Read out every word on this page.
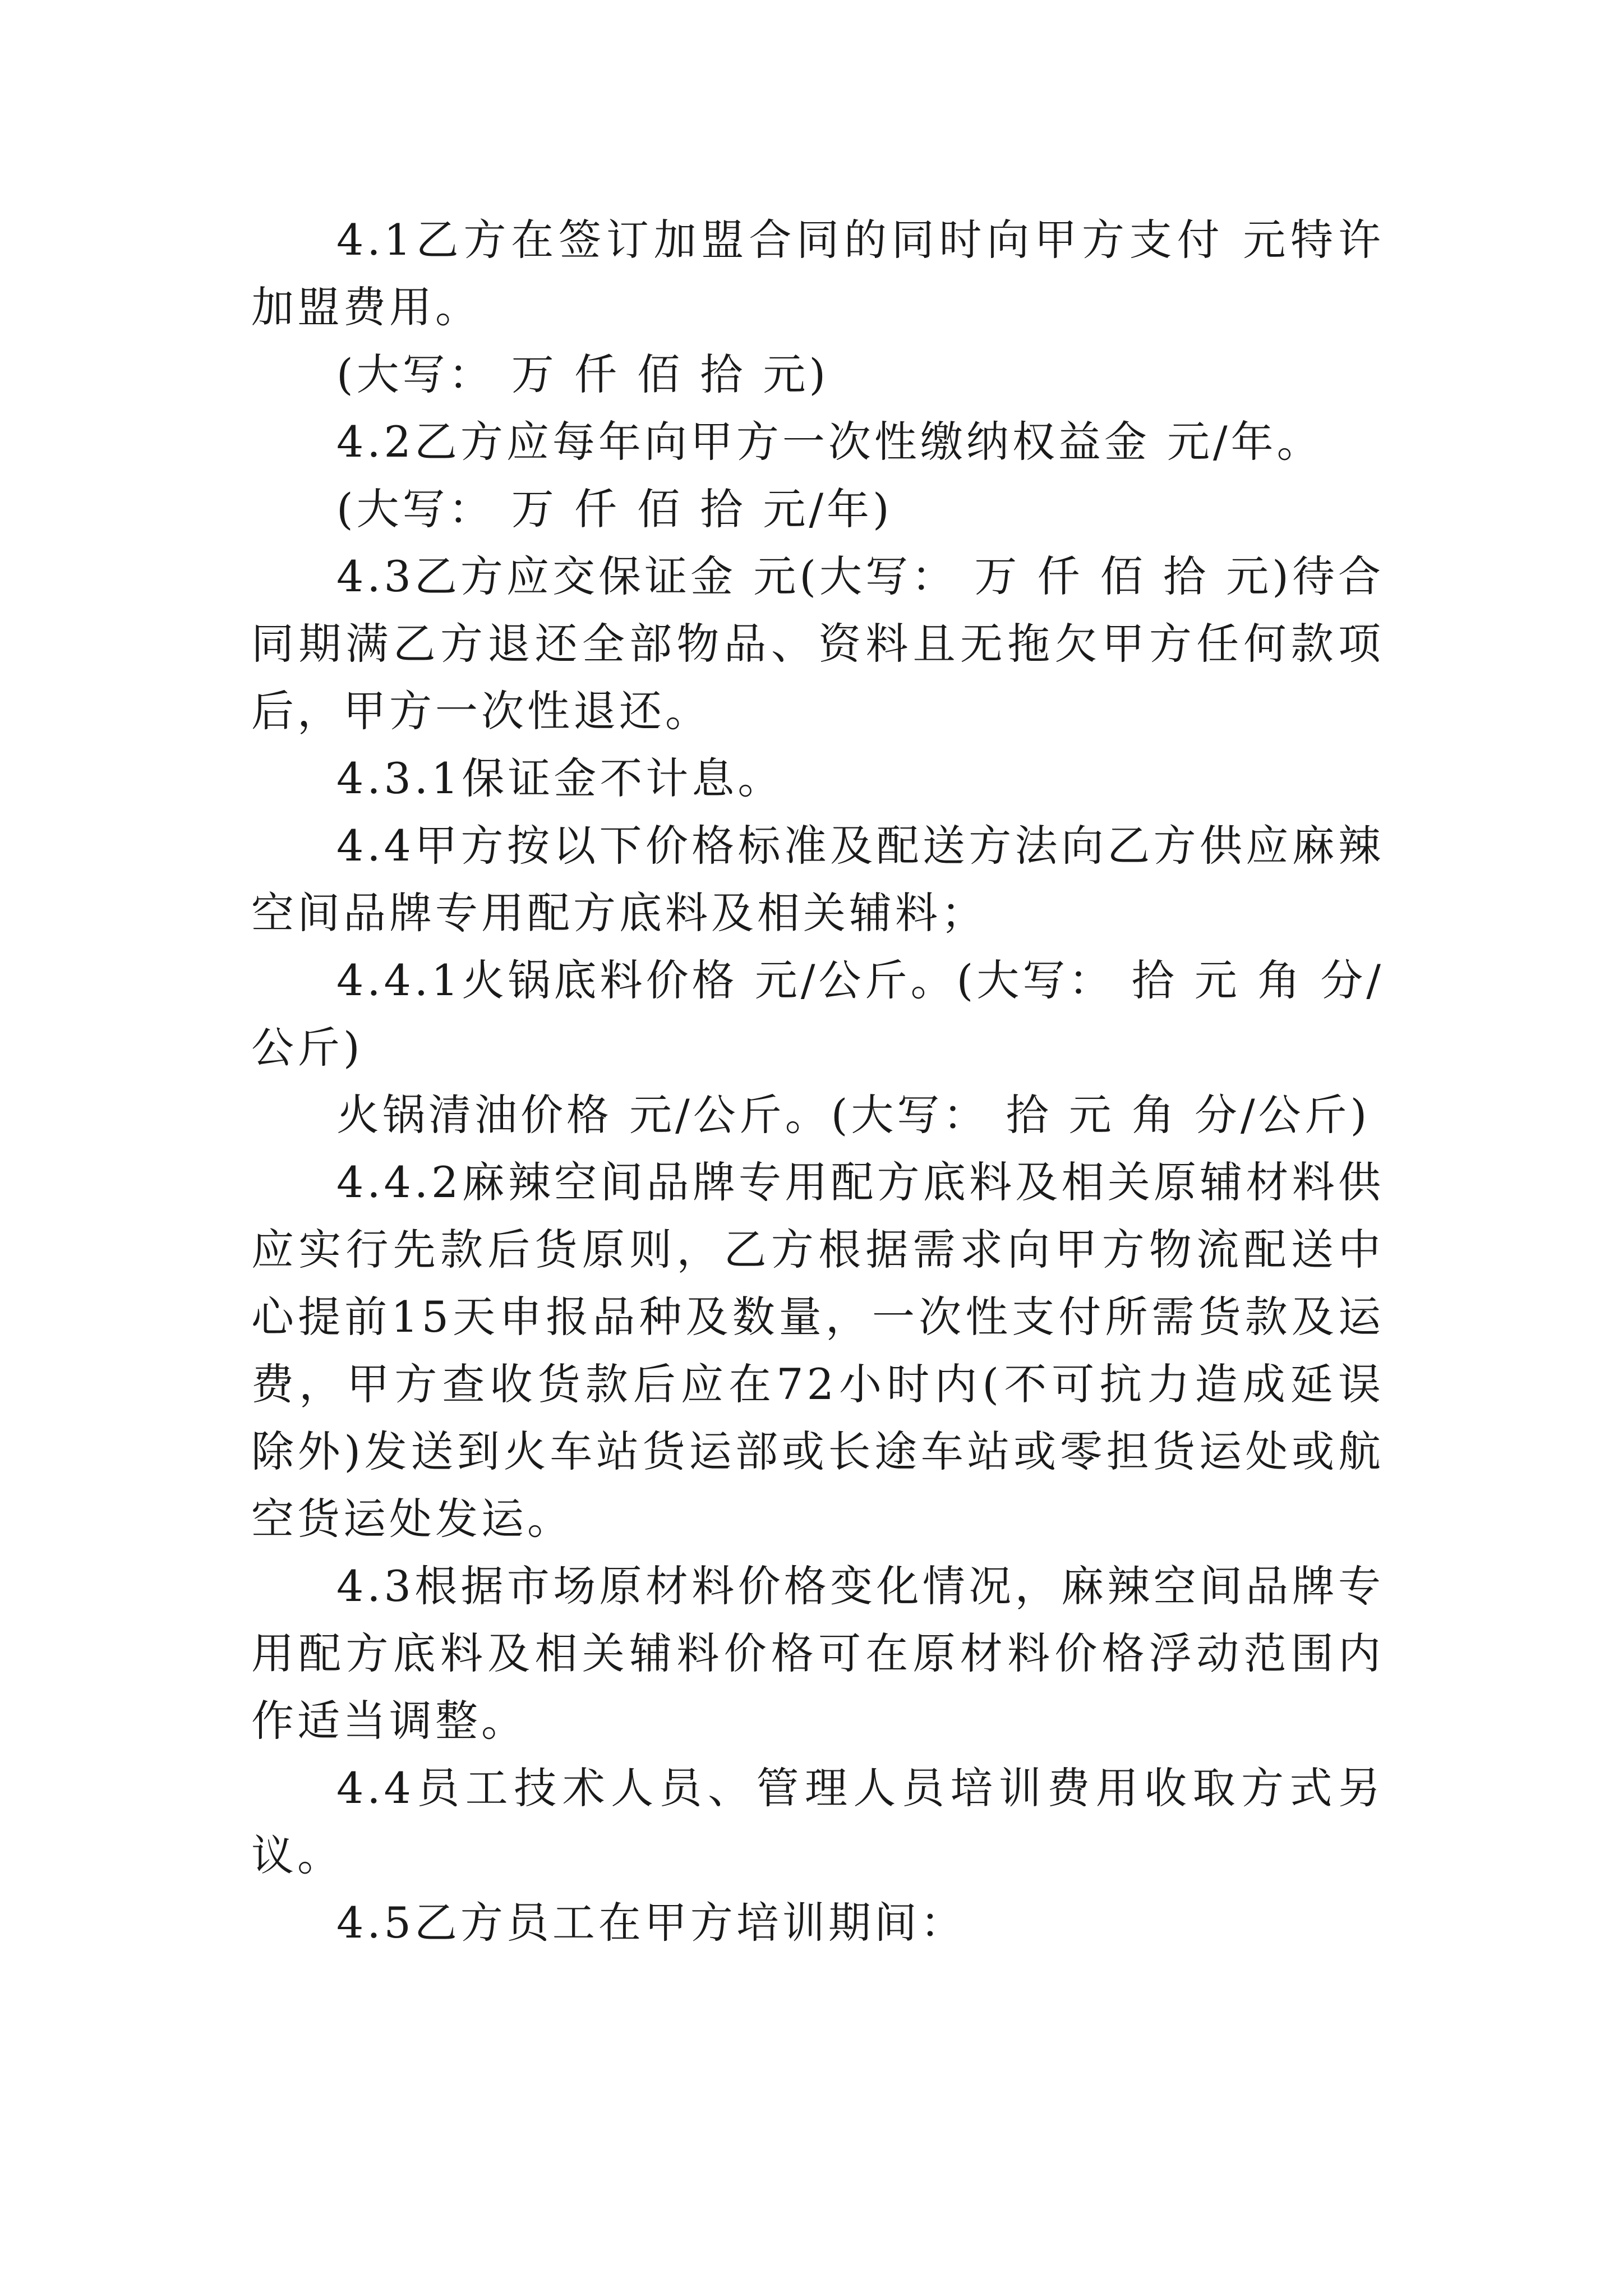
4.1乙方在签订加盟合同的同时向甲方支付 元特许加盟费用。

(大写： 万 仟 佰 拾 元)

4.2乙方应每年向甲方一次性缴纳权益金 元/年。

(大写： 万 仟 佰 拾 元/年)

4.3乙方应交保证金 元(大写： 万 仟 佰 拾 元)待合同期满乙方退还全部物品、资料且无拖欠甲方任何款项后，甲方一次性退还。

4.3.1保证金不计息。

4.4甲方按以下价格标准及配送方法向乙方供应麻辣空间品牌专用配方底料及相关辅料；

4.4.1火锅底料价格 元/公斤。(大写： 拾 元 角 分/公斤)

火锅清油价格 元/公斤。(大写： 拾 元 角 分/公斤)

4.4.2麻辣空间品牌专用配方底料及相关原辅材料供应实行先款后货原则，乙方根据需求向甲方物流配送中心提前15天申报品种及数量，一次性支付所需货款及运费，甲方查收货款后应在72小时内(不可抗力造成延误除外)发送到火车站货运部或长途车站或零担货运处或航空货运处发运。

4.3根据市场原材料价格变化情况，麻辣空间品牌专用配方底料及相关辅料价格可在原材料价格浮动范围内作适当调整。

4.4员工技术人员、管理人员培训费用收取方式另议。

4.5乙方员工在甲方培训期间：
